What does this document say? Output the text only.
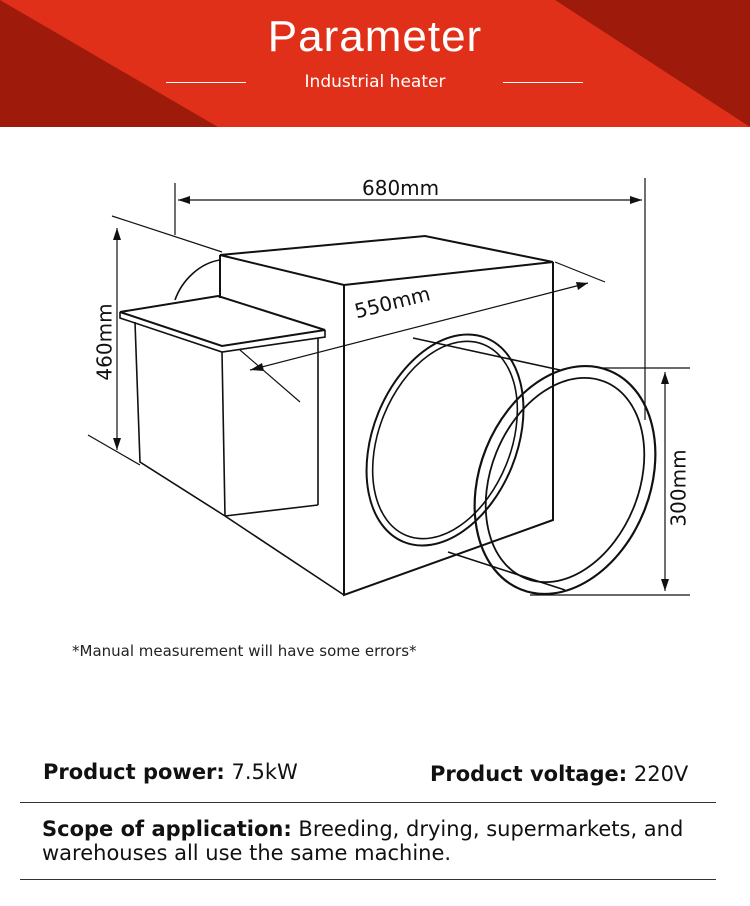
Parameter
Industrial heater
680mm
550mm
460mm
300mm
*Manual measurement will have some errors*
Product power: 7.5kW	Product voltage: 220V
Scope of application: Breeding, drying, supermarkets, and warehouses all use the same machine.
